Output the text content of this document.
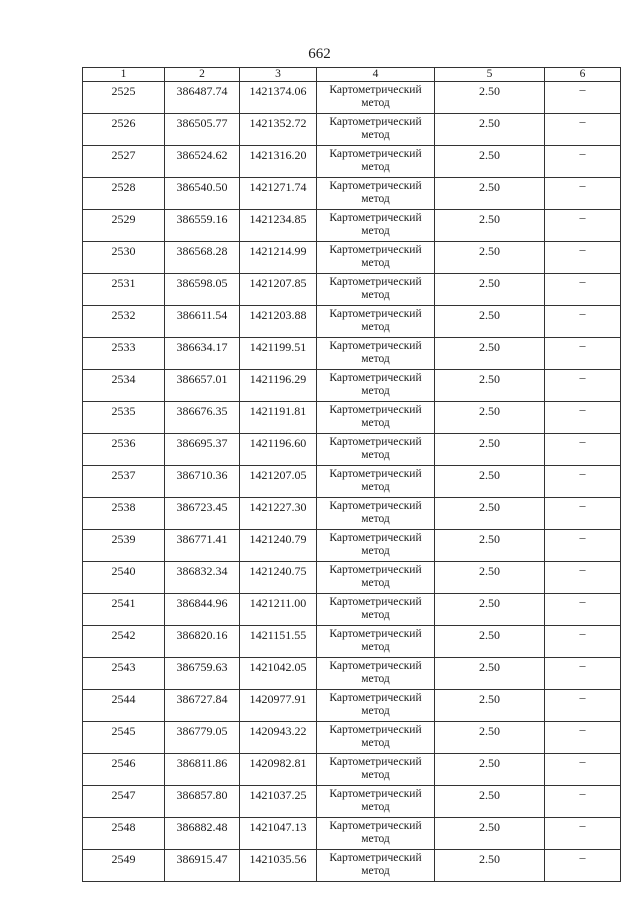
662
1	2	3	4	5	6
2525	386487.74	1421374.06	Картометрический метод	2.50	–
2526	386505.77	1421352.72	Картометрический метод	2.50	–
2527	386524.62	1421316.20	Картометрический метод	2.50	–
2528	386540.50	1421271.74	Картометрический метод	2.50	–
2529	386559.16	1421234.85	Картометрический метод	2.50	–
2530	386568.28	1421214.99	Картометрический метод	2.50	–
2531	386598.05	1421207.85	Картометрический метод	2.50	–
2532	386611.54	1421203.88	Картометрический метод	2.50	–
2533	386634.17	1421199.51	Картометрический метод	2.50	–
2534	386657.01	1421196.29	Картометрический метод	2.50	–
2535	386676.35	1421191.81	Картометрический метод	2.50	–
2536	386695.37	1421196.60	Картометрический метод	2.50	–
2537	386710.36	1421207.05	Картометрический метод	2.50	–
2538	386723.45	1421227.30	Картометрический метод	2.50	–
2539	386771.41	1421240.79	Картометрический метод	2.50	–
2540	386832.34	1421240.75	Картометрический метод	2.50	–
2541	386844.96	1421211.00	Картометрический метод	2.50	–
2542	386820.16	1421151.55	Картометрический метод	2.50	–
2543	386759.63	1421042.05	Картометрический метод	2.50	–
2544	386727.84	1420977.91	Картометрический метод	2.50	–
2545	386779.05	1420943.22	Картометрический метод	2.50	–
2546	386811.86	1420982.81	Картометрический метод	2.50	–
2547	386857.80	1421037.25	Картометрический метод	2.50	–
2548	386882.48	1421047.13	Картометрический метод	2.50	–
2549	386915.47	1421035.56	Картометрический метод	2.50	–
